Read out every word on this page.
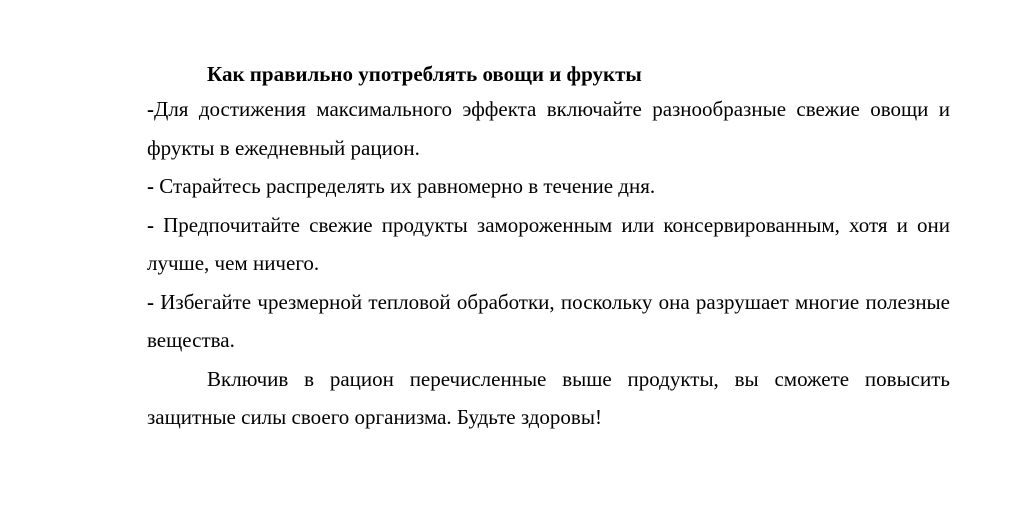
Как правильно употреблять овощи и фрукты

-Для достижения максимального эффекта включайте разнообразные свежие овощи и фрукты в ежедневный рацион.

- Старайтесь распределять их равномерно в течение дня.

- Предпочитайте свежие продукты замороженным или консервированным, хотя и они лучше, чем ничего.

- Избегайте чрезмерной тепловой обработки, поскольку она разрушает многие полезные вещества.

Включив в рацион перечисленные выше продукты, вы сможете повысить защитные силы своего организма. Будьте здоровы!
